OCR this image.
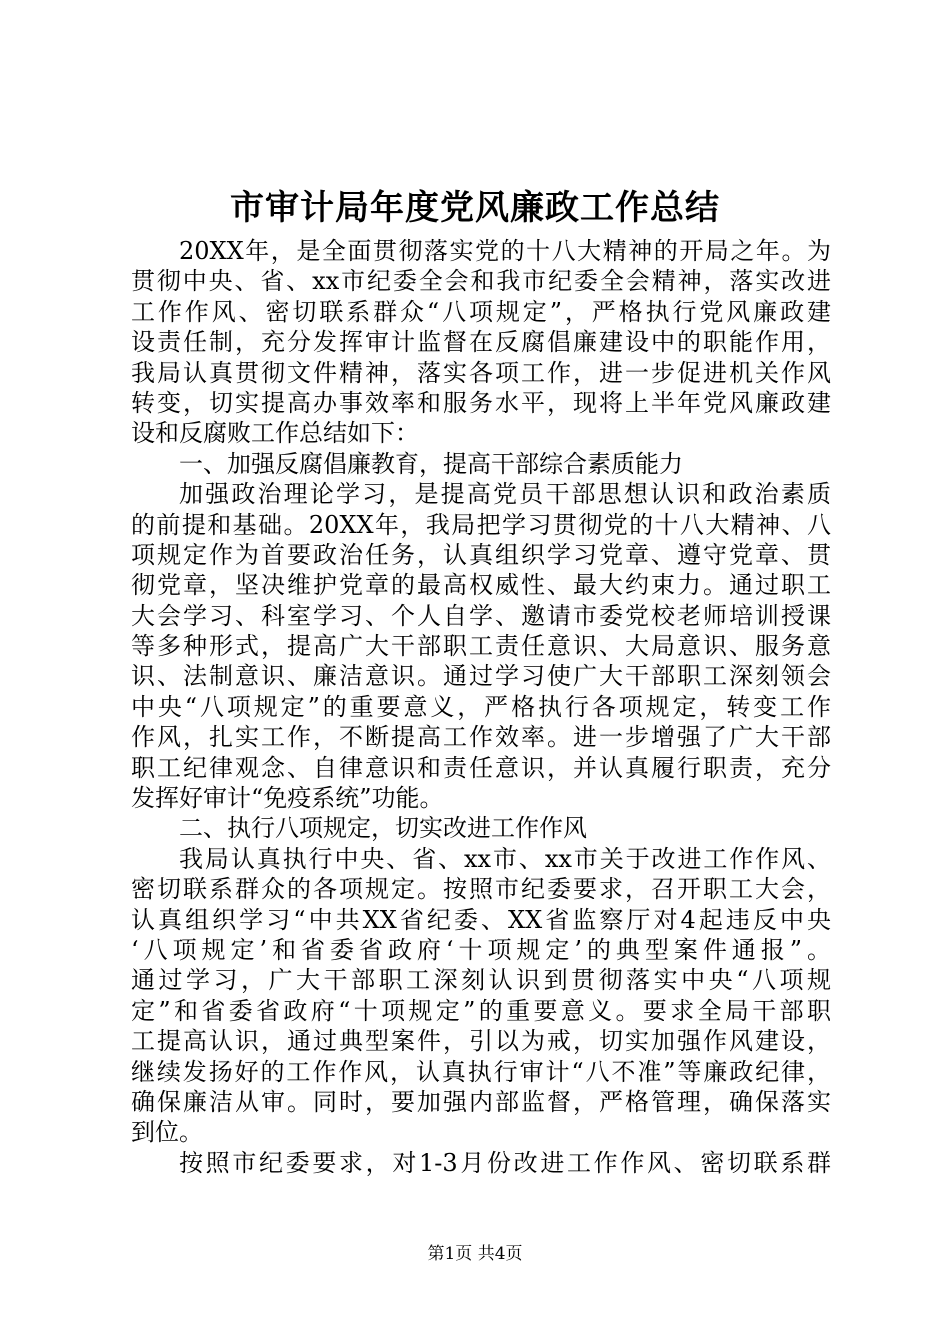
市审计局年度党风廉政工作总结
20XX年，是全面贯彻落实党的十八大精神的开局之年。为
贯彻中央、省、xx市纪委全会和我市纪委全会精神，落实改进
工作作风、密切联系群众“八项规定”，严格执行党风廉政建
设责任制，充分发挥审计监督在反腐倡廉建设中的职能作用，
我局认真贯彻文件精神，落实各项工作，进一步促进机关作风
转变，切实提高办事效率和服务水平，现将上半年党风廉政建
设和反腐败工作总结如下：
一、加强反腐倡廉教育，提高干部综合素质能力
加强政治理论学习，是提高党员干部思想认识和政治素质
的前提和基础。20XX年，我局把学习贯彻党的十八大精神、八
项规定作为首要政治任务，认真组织学习党章、遵守党章、贯
彻党章，坚决维护党章的最高权威性、最大约束力。通过职工
大会学习、科室学习、个人自学、邀请市委党校老师培训授课
等多种形式，提高广大干部职工责任意识、大局意识、服务意
识、法制意识、廉洁意识。通过学习使广大干部职工深刻领会
中央“八项规定”的重要意义，严格执行各项规定，转变工作
作风，扎实工作，不断提高工作效率。进一步增强了广大干部
职工纪律观念、自律意识和责任意识，并认真履行职责，充分
发挥好审计“免疫系统”功能。
二、执行八项规定，切实改进工作作风
我局认真执行中央、省、xx市、xx市关于改进工作作风、
密切联系群众的各项规定。按照市纪委要求，召开职工大会，
认真组织学习“中共XX省纪委、XX省监察厅对4起违反中央
‘八项规定’和省委省政府‘十项规定’的典型案件通报”。
通过学习，广大干部职工深刻认识到贯彻落实中央“八项规
定”和省委省政府“十项规定”的重要意义。要求全局干部职
工提高认识，通过典型案件，引以为戒，切实加强作风建设，
继续发扬好的工作作风，认真执行审计“八不准”等廉政纪律，
确保廉洁从审。同时，要加强内部监督，严格管理，确保落实
到位。
按照市纪委要求，对1-3月份改进工作作风、密切联系群
第1页 共4页
